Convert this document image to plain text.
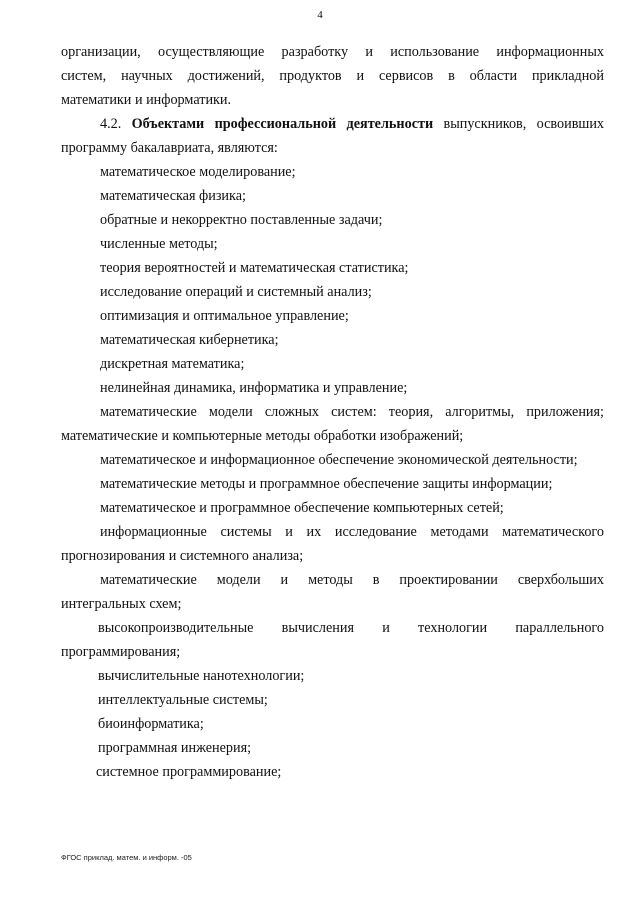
4

организации, осуществляющие разработку и использование информационных

систем, научных достижений, продуктов и сервисов в области прикладной

математики и информатики.

4.2. Объектами профессиональной деятельности выпускников, освоивших

программу бакалавриата, являются:

математическое моделирование;

математическая физика;

обратные и некорректно поставленные задачи;

численные методы;

теория вероятностей и математическая статистика;

исследование операций и системный анализ;

оптимизация и оптимальное управление;

математическая кибернетика;

дискретная математика;

нелинейная динамика, информатика и управление;

математические модели сложных систем: теория, алгоритмы, приложения;

математические и компьютерные методы обработки изображений;

математическое и информационное обеспечение экономической деятельности;

математические методы и программное обеспечение защиты информации;

математическое и программное обеспечение компьютерных сетей;

информационные системы и их исследование методами математического

прогнозирования и системного анализа;

математические модели и методы в проектировании сверхбольших

интегральных схем;

высокопроизводительные вычисления и технологии параллельного

программирования;

вычислительные нанотехнологии;

интеллектуальные системы;

биоинформатика;

программная инженерия;

системное программирование;

ФГОС приклад. матем. и информ. -05
